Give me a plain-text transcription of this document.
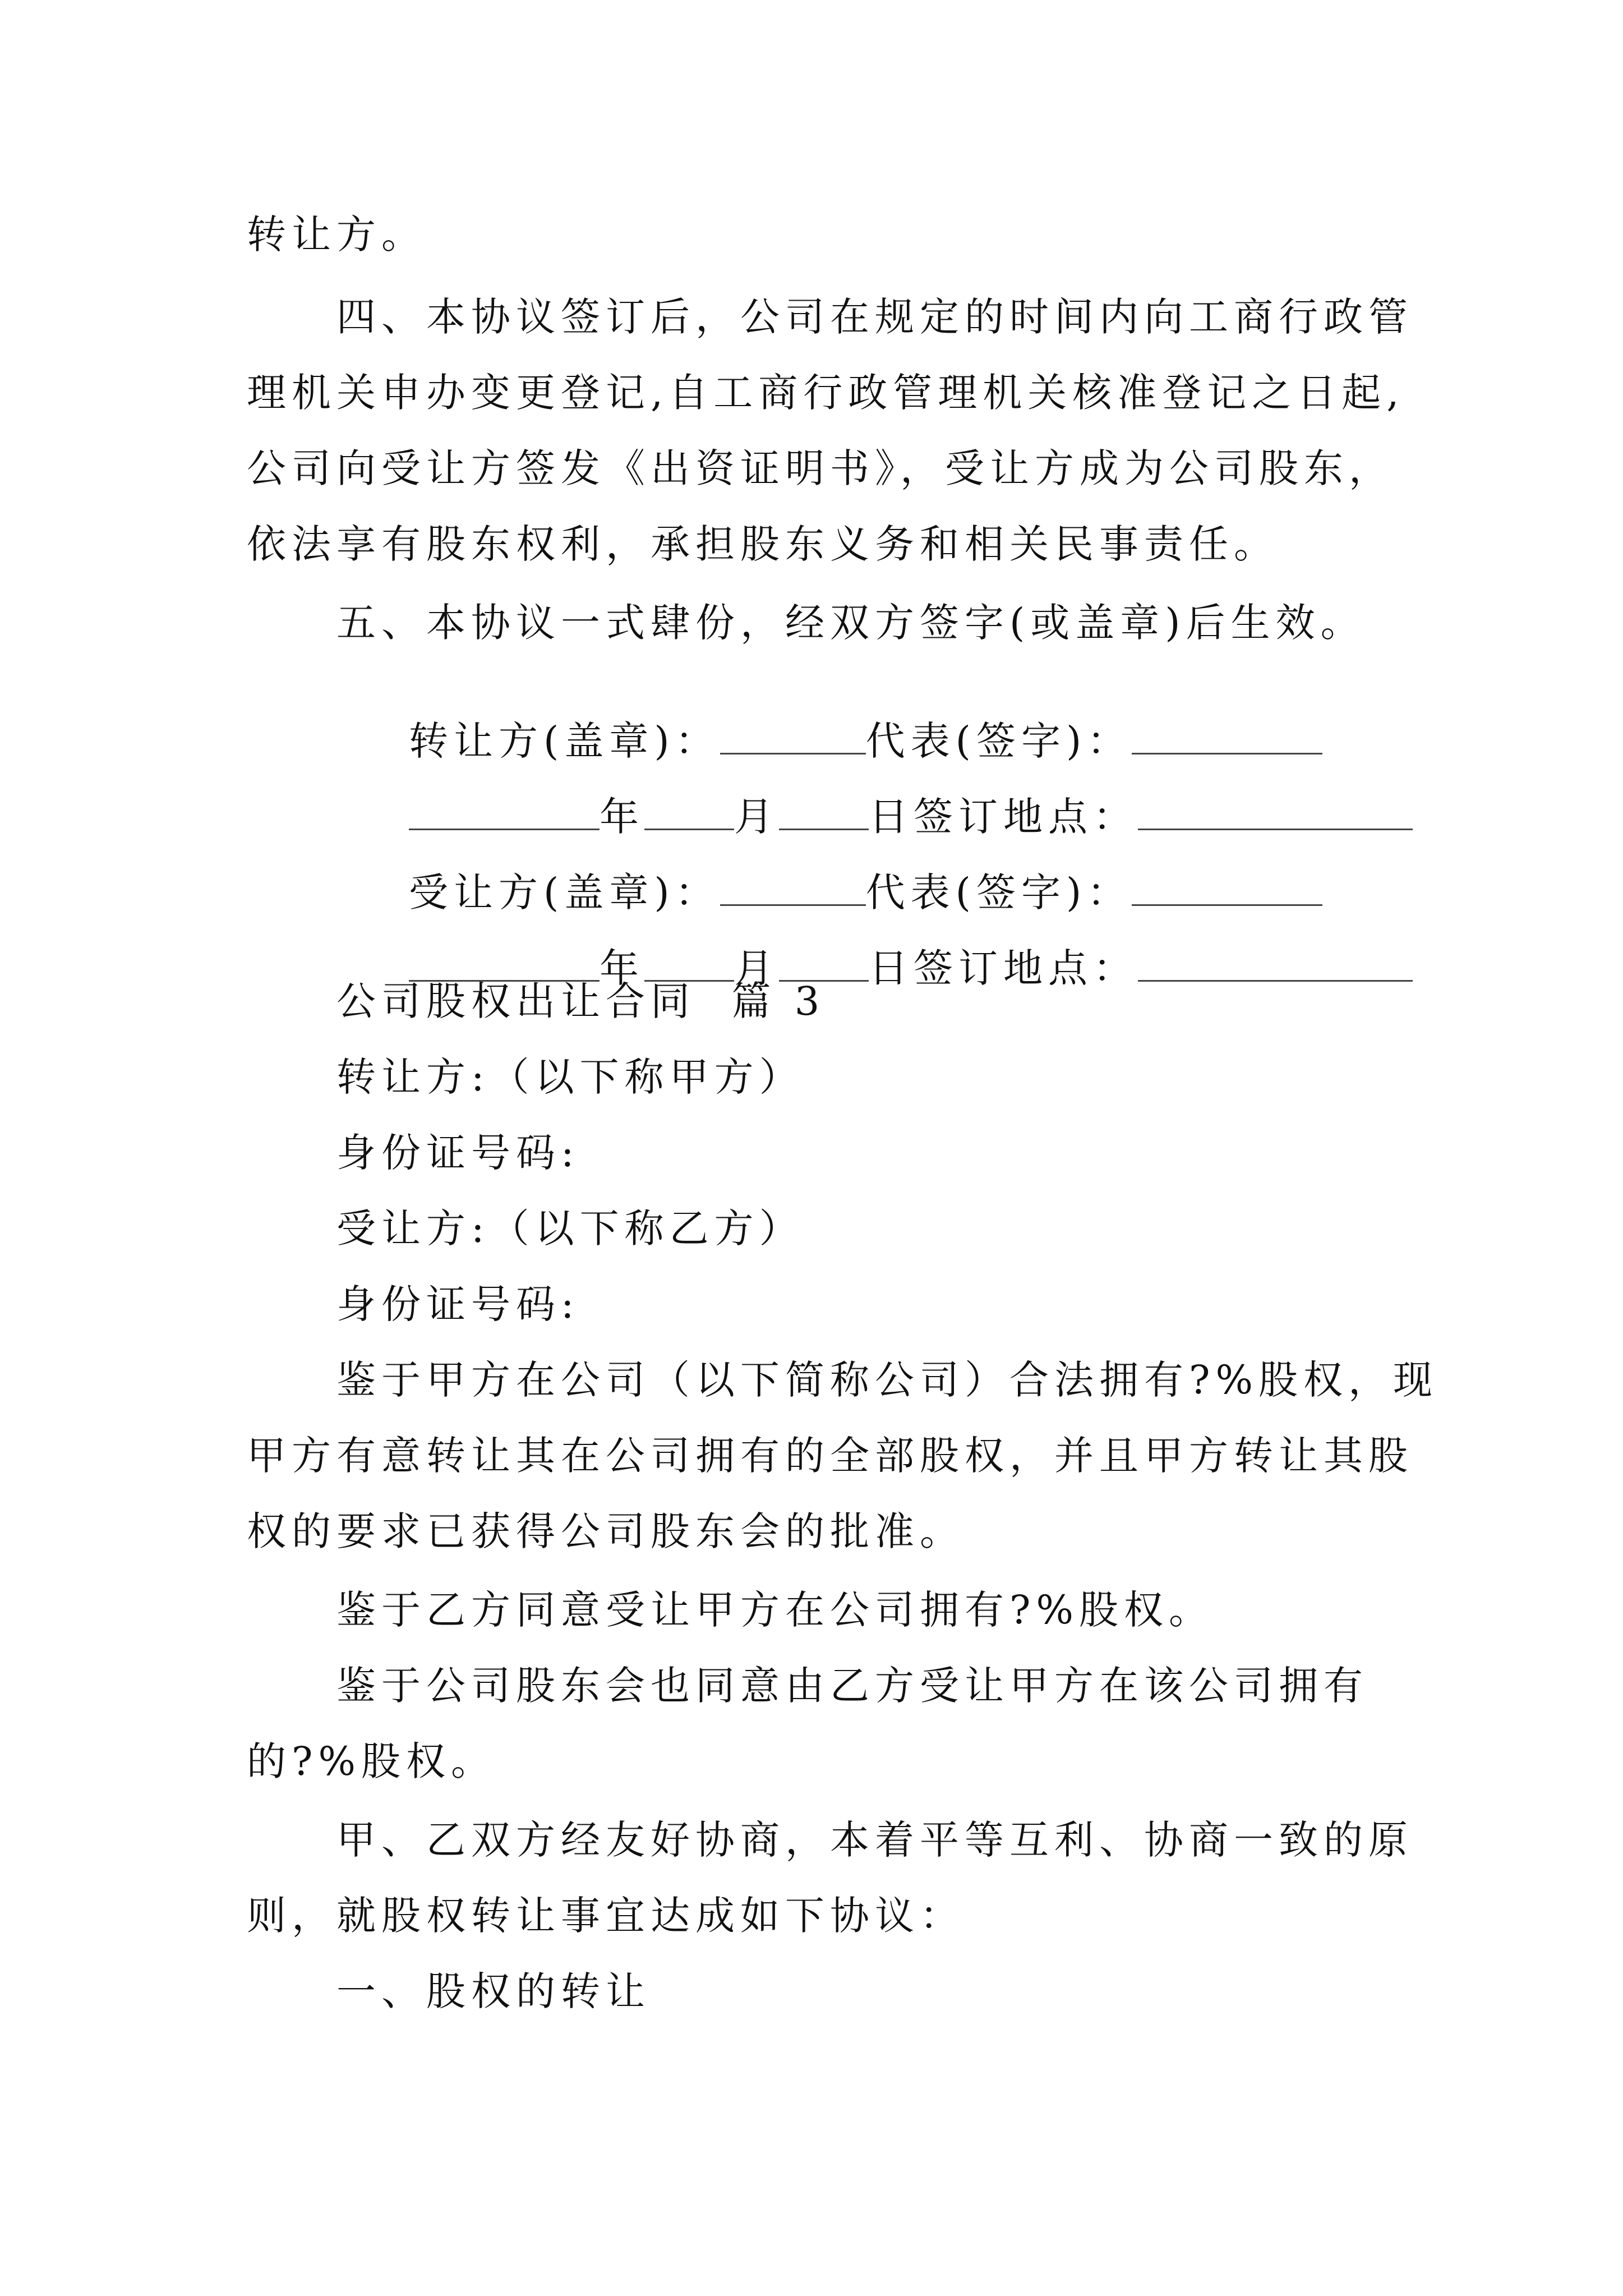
转让方。
四、本协议签订后，公司在规定的时间内向工商行政管
理机关申办变更登记,自工商行政管理机关核准登记之日起,
公司向受让方签发《出资证明书》，受让方成为公司股东，
依法享有股东权利，承担股东义务和相关民事责任。
五、本协议一式肆份，经双方签字(或盖章)后生效。

转让方(盖章)：	代表(签字)：

年 月 日签订地点：

受让方(盖章)：	代表(签字)：

年 月 日签订地点：

公司股权出让合同  篇 3
转让方:（以下称甲方）
身份证号码:
受让方:（以下称乙方）
身份证号码:
鉴于甲方在公司（以下简称公司）合法拥有?%股权，现
甲方有意转让其在公司拥有的全部股权，并且甲方转让其股
权的要求已获得公司股东会的批准。
鉴于乙方同意受让甲方在公司拥有?%股权。
鉴于公司股东会也同意由乙方受让甲方在该公司拥有
的?%股权。
甲、乙双方经友好协商，本着平等互利、协商一致的原
则，就股权转让事宜达成如下协议：
一、股权的转让
